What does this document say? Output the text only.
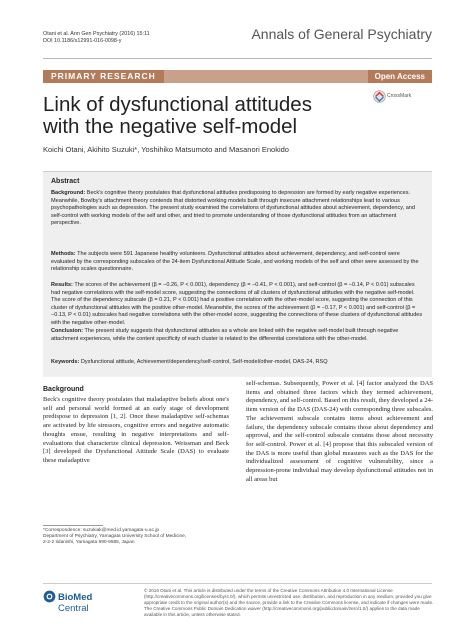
Otani et al. Ann Gen Psychiatry (2016) 15:11
DOI 10.1186/s12991-016-0098-y	Annals of General Psychiatry
PRIMARY RESEARCH	Open Access
Link of dysfunctional attitudes
with the negative self-model
CrossMark
Koichi Otani, Akihito Suzuki*, Yoshihiko Matsumoto and Masanori Enokido
Abstract
Background: Beck's cognitive theory postulates that dysfunctional attitudes predisposing to depression are formed by early negative experiences. Meanwhile, Bowlby's attachment theory contends that distorted working models built through insecure attachment relationships lead to various psychopathologies such as depression. The present study examined the correlations of dysfunctional attitudes about achievement, dependency, and self-control with working models of the self and other, and tried to promote understanding of those dysfunctional attitudes from an attachment perspective.
Methods: The subjects were 591 Japanese healthy volunteers. Dysfunctional attitudes about achievement, dependency, and self-control were evaluated by the corresponding subscales of the 24-item Dysfunctional Attitude Scale, and working models of the self and other were assessed by the relationship scales questionnaire.
Results: The scores of the achievement (β = −0.26, P < 0.001), dependency (β = −0.41, P < 0.001), and self-control (β = −0.14, P < 0.01) subscales had negative correlations with the self-model score, suggesting the connections of all clusters of dysfunctional attitudes with the negative self-model. The score of the dependency subscale (β = 0.21, P < 0.001) had a positive correlation with the other-model score, suggesting the connection of this cluster of dysfunctional attitudes with the positive other-model. Meanwhile, the scores of the achievement (β = −0.17, P < 0.001) and self-control (β = −0.13, P < 0.01) subscales had negative correlations with the other-model score, suggesting the connections of these clusters of dysfunctional attitudes with the negative other-model.
Conclusion: The present study suggests that dysfunctional attitudes as a whole are linked with the negative self-model built through negative attachment experiences, while the content specificity of each cluster is related to the differential correlations with the other-model.
Keywords: Dysfunctional attitude, Achievement/dependency/self-control, Self-model/other-model, DAS-24, RSQ
Background
Beck's cognitive theory postulates that maladaptive beliefs about one's self and personal world formed at an early stage of development predispose to depression [1, 2]. Once these maladaptive self-schemas are activated by life stressors, cognitive errors and negative automatic thoughts ensue, resulting in negative interpretations and self-evaluations that characterize clinical depression. Weissman and Beck [3] developed the Dysfunctional Attitude Scale (DAS) to evaluate these maladaptive
self-schemas. Subsequently, Power et al. [4] factor analyzed the DAS items and obtained three factors which they termed achievement, dependency, and self-control. Based on this result, they developed a 24-item version of the DAS (DAS-24) with corresponding three subscales. The achievement subscale contains items about achievement and failure, the dependency subscale contains those about dependency and approval, and the self-control subscale contains those about necessity for self-control. Power et al. [4] propose that this subscaled version of the DAS is more useful than global measures such as the DAS for the individualized assessment of cognitive vulnerability, since a depression-prone individual may develop dysfunctional attitudes not in all areas but
*Correspondence: suzukiak@med.id.yamagata-u.ac.jp
Department of Psychiatry, Yamagata University School of Medicine,
2-2-2 Iidanishi, Yamagata 990-9585, Japan
BioMed Central
© 2016 Otani et al. This article is distributed under the terms of the Creative Commons Attribution 4.0 International License (http://creativecommons.org/licenses/by/4.0/), which permits unrestricted use, distribution, and reproduction in any medium, provided you give appropriate credit to the original author(s) and the source, provide a link to the Creative Commons license, and indicate if changes were made. The Creative Commons Public Domain Dedication waiver (http://creativecommons.org/publicdomain/zero/1.0/) applies to the data made available in this article, unless otherwise stated.
